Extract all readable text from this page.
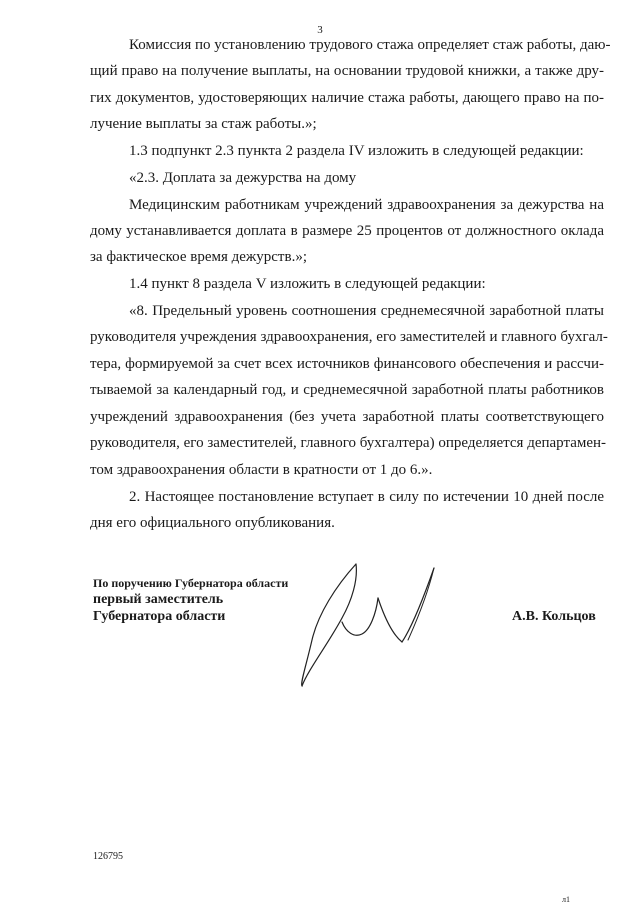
3
Комиссия по установлению трудового стажа определяет стаж работы, даю-
щий право на получение выплаты, на основании трудовой книжки, а также дру-
гих документов, удостоверяющих наличие стажа работы, дающего право на по-
лучение выплаты за стаж работы.»;
1.3 подпункт 2.3 пункта 2 раздела IV изложить в следующей редакции:
«2.3. Доплата за дежурства на дому
Медицинским работникам учреждений здравоохранения за дежурства на
дому устанавливается доплата в размере 25 процентов от должностного оклада
за фактическое время дежурств.»;
1.4 пункт 8 раздела V изложить в следующей редакции:
«8. Предельный уровень соотношения среднемесячной заработной платы
руководителя учреждения здравоохранения, его заместителей и главного бухгал-
тера, формируемой за счет всех источников финансового обеспечения и рассчи-
тываемой за календарный год, и среднемесячной заработной платы работников
учреждений здравоохранения (без учета заработной платы соответствующего
руководителя, его заместителей, главного бухгалтера) определяется департамен-
том здравоохранения области в кратности от 1 до 6.».
2. Настоящее постановление вступает в силу по истечении 10 дней после
дня его официального опубликования.
По поручению Губернатора области
первый заместитель
Губернатора области	А.В. Кольцов
126795
л1
